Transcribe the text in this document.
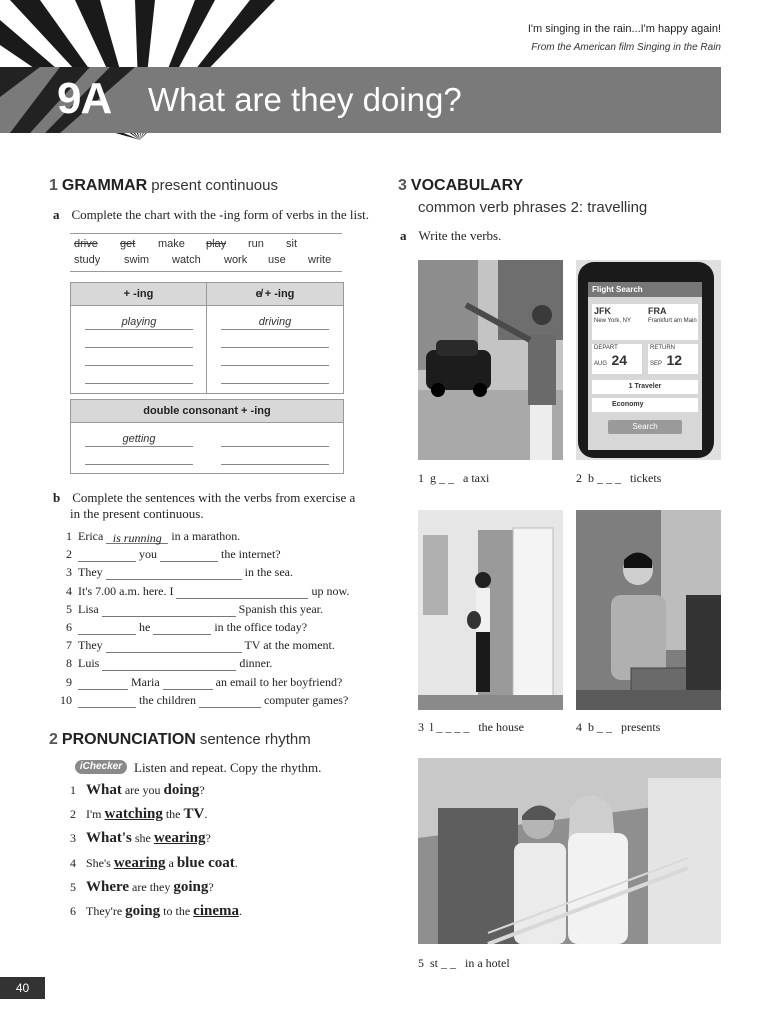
I'm singing in the rain...I'm happy again!
From the American film Singing in the Rain
9A What are they doing?
1 GRAMMAR present continuous
a Complete the chart with the -ing form of verbs in the list.
drive get make play run sit
study swim watch work use write
+ -ing	e̸ + -ing
playing	driving
double consonant + -ing
getting
b Complete the sentences with the verbs from exercise a
in the present continuous.
1 Erica is running in a marathon.
2	you	the internet?
3 They	in the sea.
4 It's 7.00 a.m. here. I	up now.
5 Lisa	Spanish this year.
6	he	in the office today?
7 They	TV at the moment.
8 Luis	dinner.
9	Maria	an email to her boyfriend?
10	the children	computer games?
2 PRONUNCIATION sentence rhythm
iChecker Listen and repeat. Copy the rhythm.
1 What are you doing?
2 I'm watching the TV.
3 What's she wearing?
4 She's wearing a blue coat.
5 Where are they going?
6 They're going to the cinema.
3 VOCABULARY
common verb phrases 2: travelling
a Write the verbs.
Flight Search
JFK
New York, NY
FRA
Frankfurt am Main
DEPART
AUG 24
RETURN
SEP 12
1 Traveler
Economy
Search
1 g _ _ a taxi	2 b _ _ _ tickets
3 l _ _ _ _ the house	4 b _ _ presents
5 st _ _ in a hotel
40
